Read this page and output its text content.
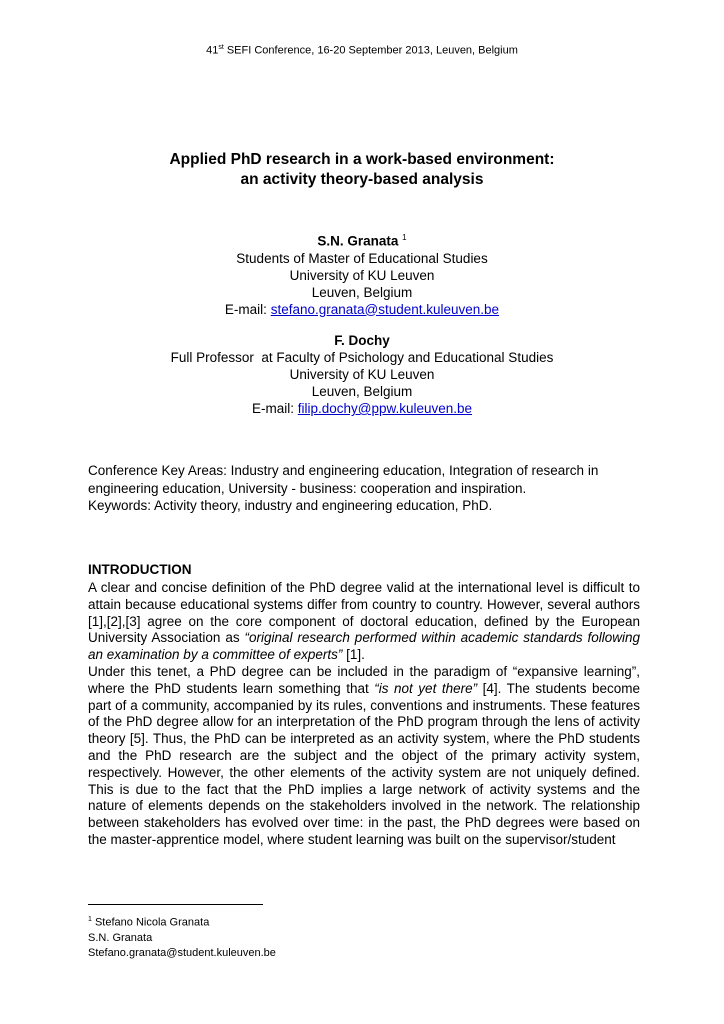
41st SEFI Conference, 16-20 September 2013, Leuven, Belgium
Applied PhD research in a work-based environment:
an activity theory-based analysis
S.N. Granata $^1$
Students of Master of Educational Studies
University of KU Leuven
Leuven, Belgium
E-mail: stefano.granata@student.kuleuven.be
F. Dochy
Full Professor  at Faculty of Psichology and Educational Studies
University of KU Leuven
Leuven, Belgium
E-mail: filip.dochy@ppw.kuleuven.be
Conference Key Areas: Industry and engineering education, Integration of research in engineering education, University - business: cooperation and inspiration.
Keywords: Activity theory, industry and engineering education, PhD.
INTRODUCTION

A clear and concise definition of the PhD degree valid at the international level is difficult to attain because educational systems differ from country to country. However, several authors [1],[2],[3] agree on the core component of doctoral education, defined by the European University Association as “original research performed within academic standards following an examination by a committee of experts” [1].

Under this tenet, a PhD degree can be included in the paradigm of “expansive learning”, where the PhD students learn something that “is not yet there” [4]. The students become part of a community, accompanied by its rules, conventions and instruments. These features of the PhD degree allow for an interpretation of the PhD program through the lens of activity theory [5]. Thus, the PhD can be interpreted as an activity system, where the PhD students and the PhD research are the subject and the object of the primary activity system, respectively. However, the other elements of the activity system are not uniquely defined. This is due to the fact that the PhD implies a large network of activity systems and the nature of elements depends on the stakeholders involved in the network. The relationship between stakeholders has evolved over time: in the past, the PhD degrees were based on the master-apprentice model, where student learning was built on the supervisor/student

$^1$ Stefano Nicola Granata
S.N. Granata
Stefano.granata@student.kuleuven.be
